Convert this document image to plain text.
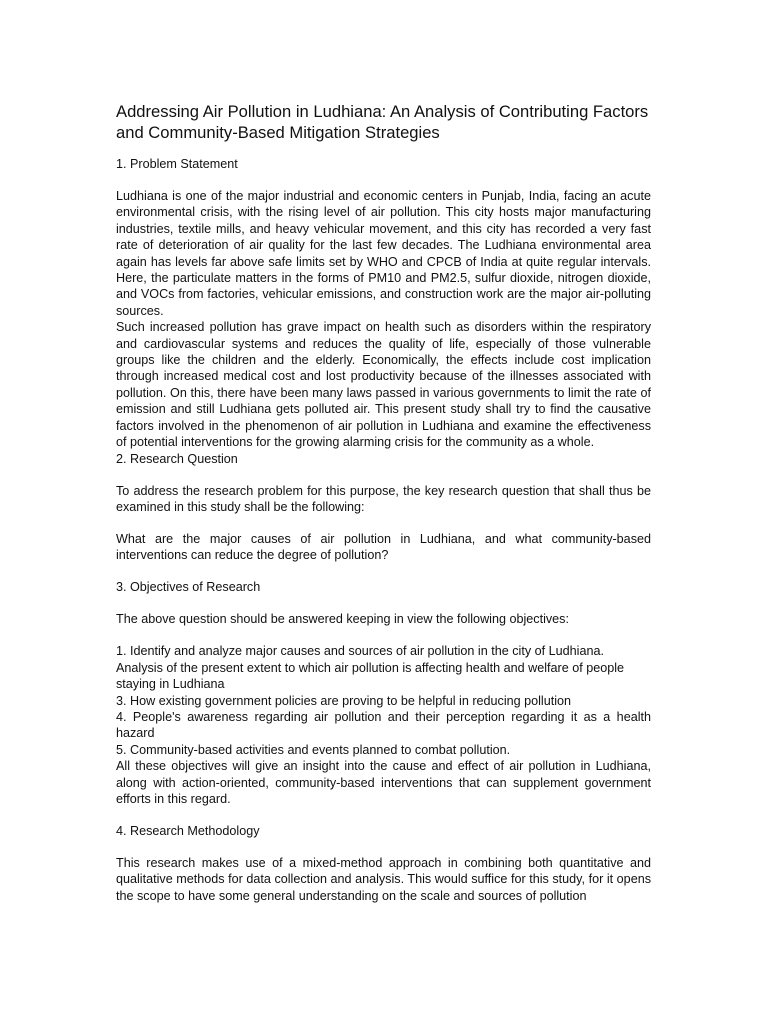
Addressing Air Pollution in Ludhiana: An Analysis of Contributing Factors and Community-Based Mitigation Strategies

1. Problem Statement

Ludhiana is one of the major industrial and economic centers in Punjab, India, facing an acute environmental crisis, with the rising level of air pollution. This city hosts major manufacturing industries, textile mills, and heavy vehicular movement, and this city has recorded a very fast rate of deterioration of air quality for the last few decades. The Ludhiana environmental area again has levels far above safe limits set by WHO and CPCB of India at quite regular intervals. Here, the particulate matters in the forms of PM10 and PM2.5, sulfur dioxide, nitrogen dioxide, and VOCs from factories, vehicular emissions, and construction work are the major air-polluting sources.

Such increased pollution has grave impact on health such as disorders within the respiratory and cardiovascular systems and reduces the quality of life, especially of those vulnerable groups like the children and the elderly. Economically, the effects include cost implication through increased medical cost and lost productivity because of the illnesses associated with pollution. On this, there have been many laws passed in various governments to limit the rate of emission and still Ludhiana gets polluted air. This present study shall try to find the causative factors involved in the phenomenon of air pollution in Ludhiana and examine the effectiveness of potential interventions for the growing alarming crisis for the community as a whole.

2. Research Question

To address the research problem for this purpose, the key research question that shall thus be examined in this study shall be the following:

What are the major causes of air pollution in Ludhiana, and what community-based interventions can reduce the degree of pollution?

3. Objectives of Research

The above question should be answered keeping in view the following objectives:

1. Identify and analyze major causes and sources of air pollution in the city of Ludhiana.

Analysis of the present extent to which air pollution is affecting health and welfare of people staying in Ludhiana

3. How existing government policies are proving to be helpful in reducing pollution

4. People's awareness regarding air pollution and their perception regarding it as a health hazard

5. Community-based activities and events planned to combat pollution.

All these objectives will give an insight into the cause and effect of air pollution in Ludhiana, along with action-oriented, community-based interventions that can supplement government efforts in this regard.

4. Research Methodology

This research makes use of a mixed-method approach in combining both quantitative and qualitative methods for data collection and analysis. This would suffice for this study, for it opens the scope to have some general understanding on the scale and sources of pollution
